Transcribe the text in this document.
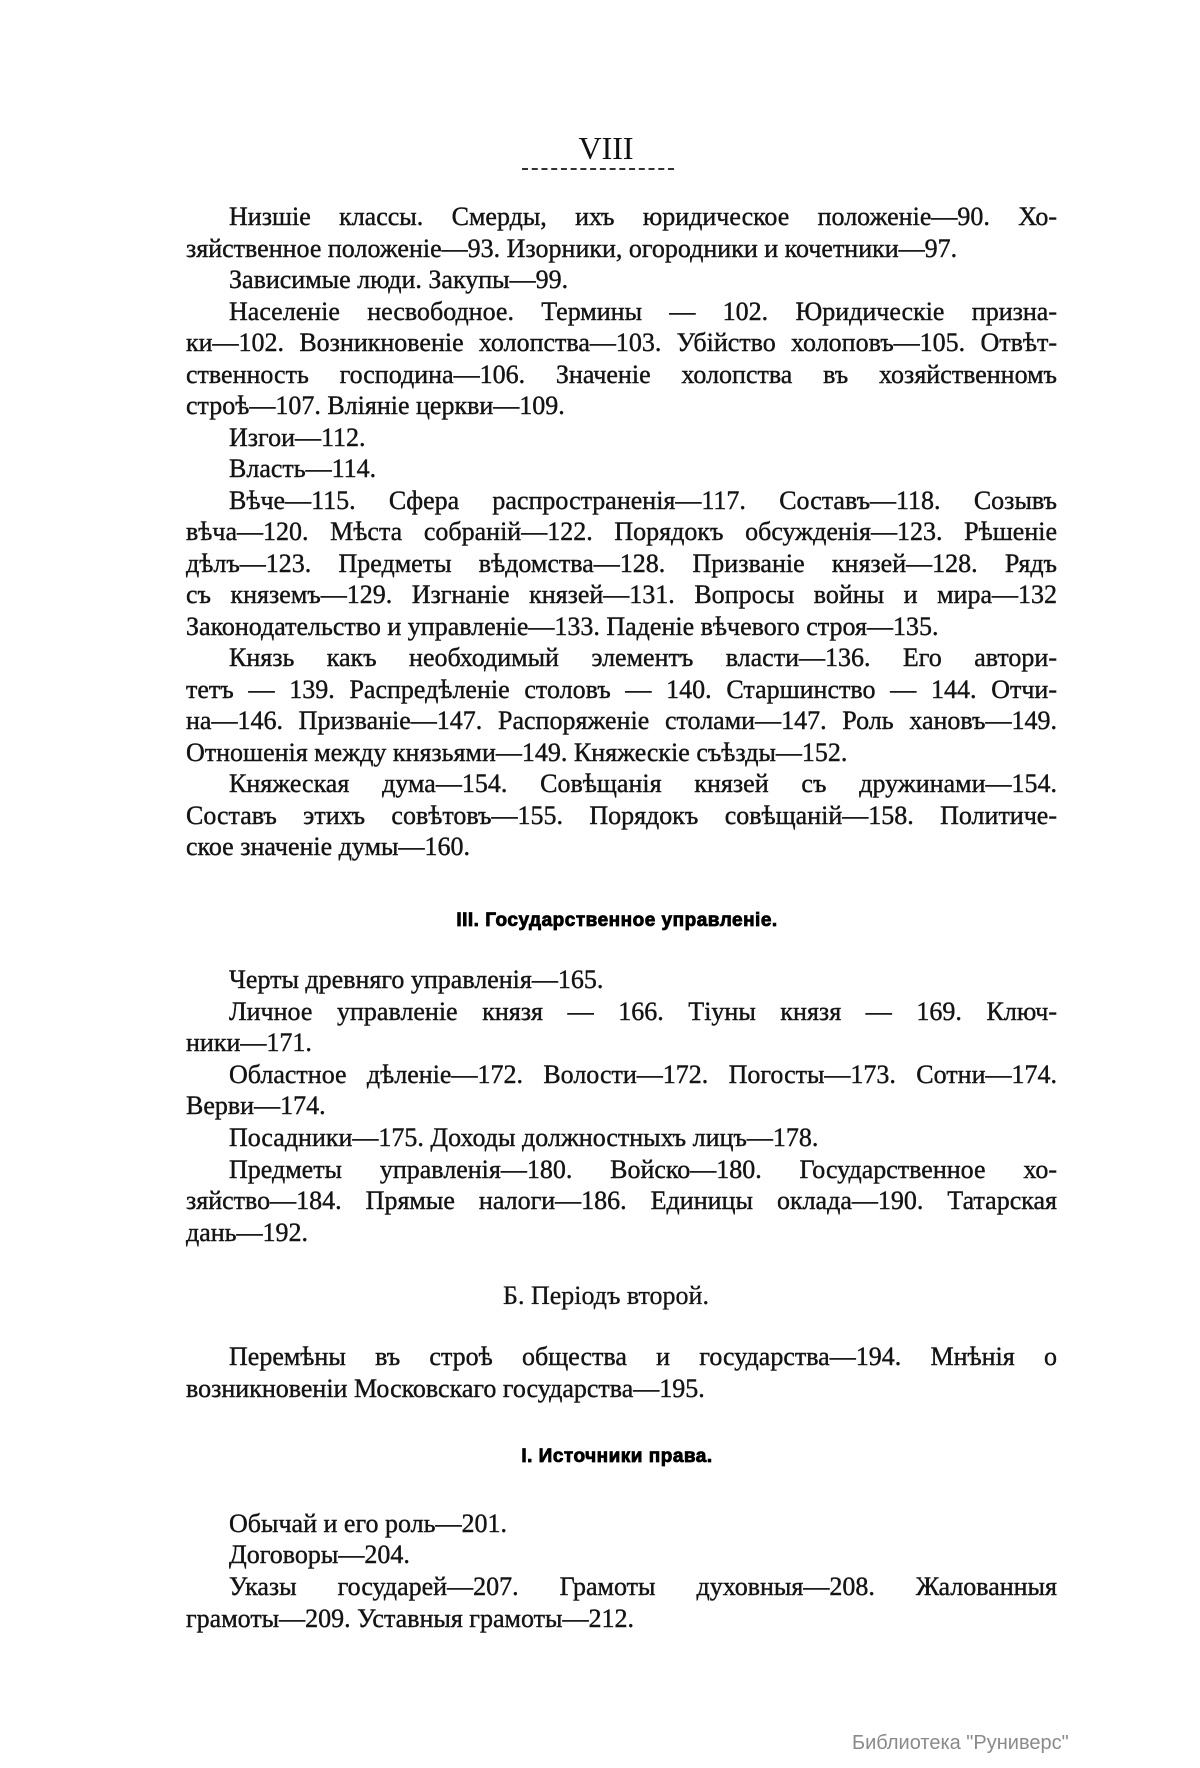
VIII
Низшіе классы. Смерды, ихъ юридическое положеніе—90. Хо-
зяйственное положеніе—93. Изорники, огородники и кочетники—97.
Зависимые люди. Закупы—99.
Населеніе несвободное. Термины — 102. Юридическіе призна-
ки—102. Возникновеніе холопства—103. Убійство холоповъ—105. Отвѣт-
ственность господина—106. Значеніе холопства въ хозяйственномъ
строѣ—107. Вліяніе церкви—109.
Изгои—112.
Власть—114.
Вѣче—115. Сфера распространенія—117. Составъ—118. Созывъ
вѣча—120. Мѣста собраній—122. Порядокъ обсужденія—123. Рѣшеніе
дѣлъ—123. Предметы вѣдомства—128. Призваніе князей—128. Рядъ
съ княземъ—129. Изгнаніе князей—131. Вопросы войны и мира—132
Законодательство и управленіе—133. Паденіе вѣчевого строя—135.
Князь какъ необходимый элементъ власти—136. Его автори-
тетъ — 139. Распредѣленіе столовъ — 140. Старшинство — 144. Отчи-
на—146. Призваніе—147. Распоряженіе столами—147. Роль хановъ—149.
Отношенія между князьями—149. Княжескіе съѣзды—152.
Княжеская дума—154. Совѣщанія князей съ дружинами—154.
Составъ этихъ совѣтовъ—155. Порядокъ совѣщаній—158. Политиче-
ское значеніе думы—160.
III. Государственное управленіе.
Черты древняго управленія—165.
Личное управленіе князя — 166. Тіуны князя — 169. Ключ-
ники—171.
Областное дѣленіе—172. Волости—172. Погосты—173. Сотни—174.
Верви—174.
Посадники—175. Доходы должностныхъ лицъ—178.
Предметы управленія—180. Войско—180. Государственное хо-
зяйство—184. Прямые налоги—186. Единицы оклада—190. Татарская
дань—192.
Б. Періодъ второй.
Перемѣны въ строѣ общества и государства—194. Мнѣнія о
возникновеніи Московскаго государства—195.
I. Источники права.
Обычай и его роль—201.
Договоры—204.
Указы государей—207. Грамоты духовныя—208. Жалованныя
грамоты—209. Уставныя грамоты—212.
Библиотека "Руниверс"
